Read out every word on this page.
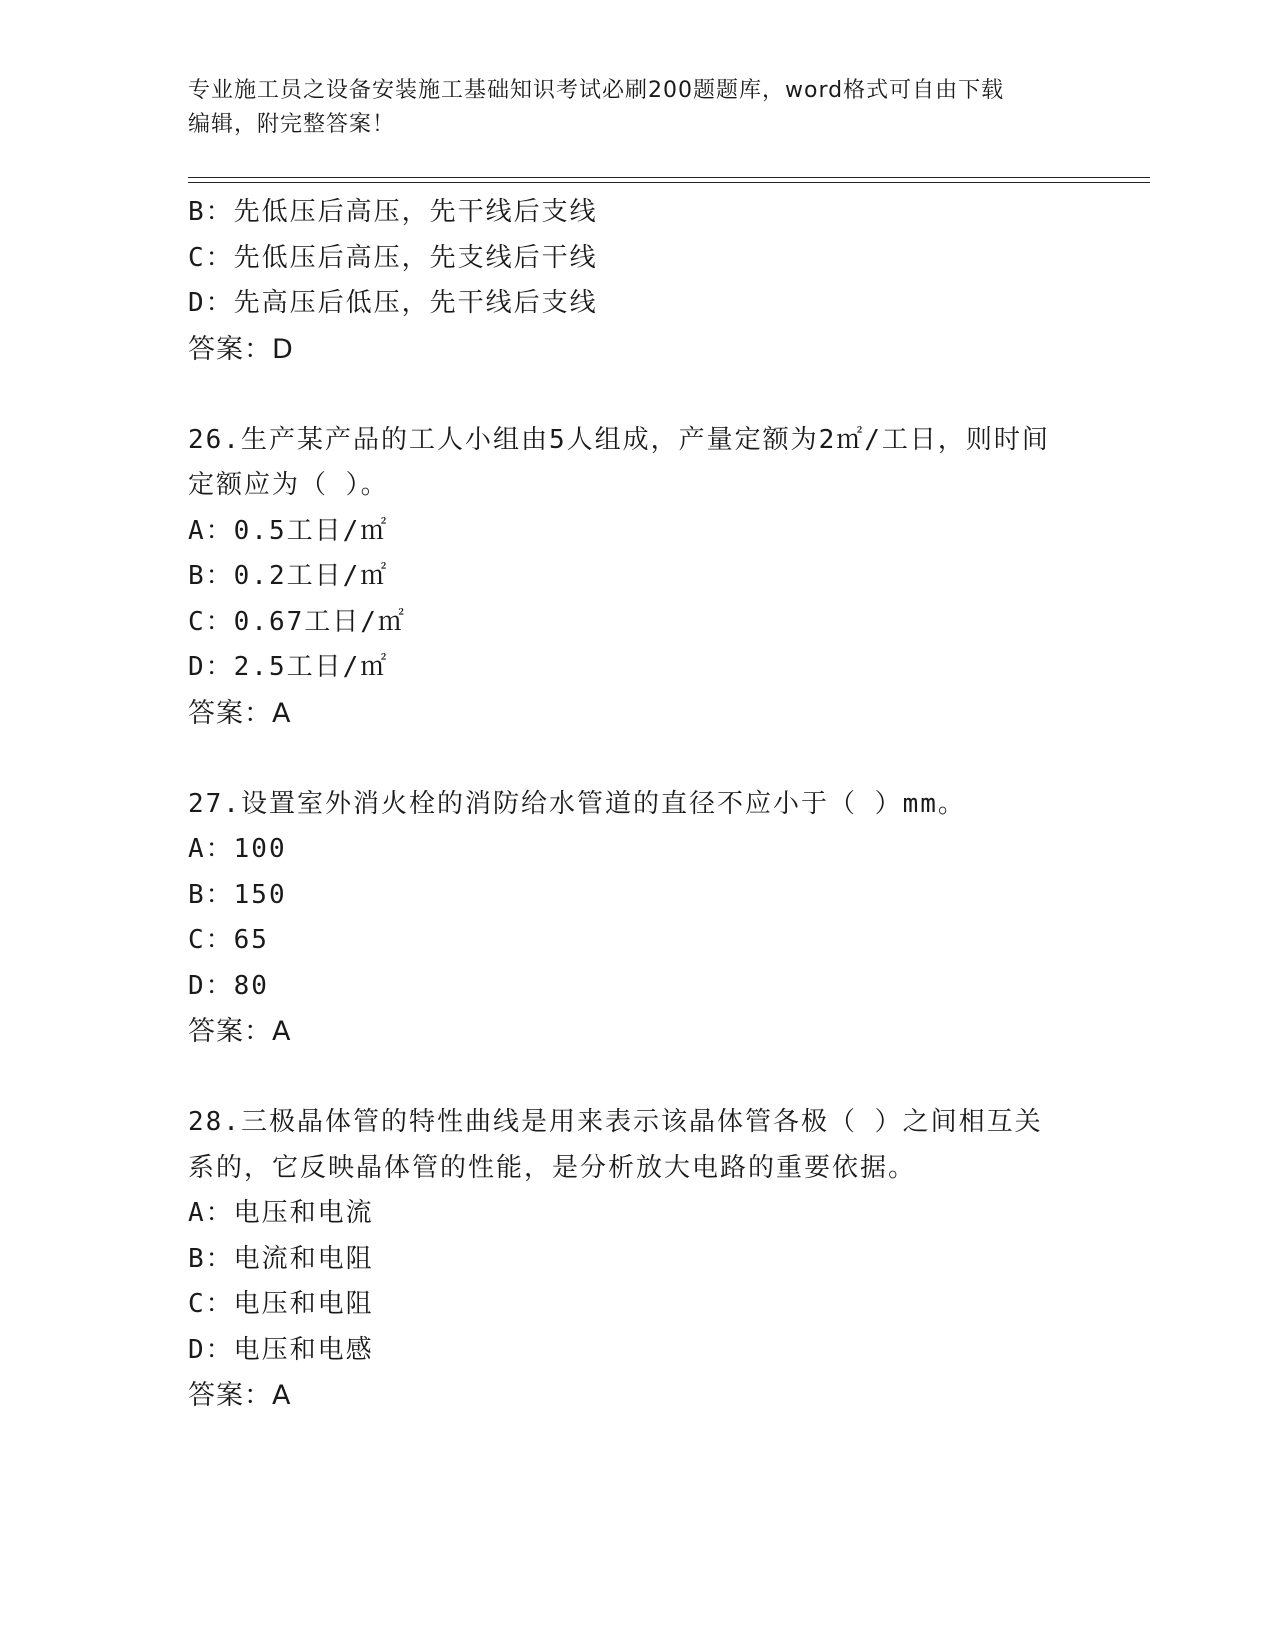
专业施工员之设备安装施工基础知识考试必刷200题题库，word格式可自由下载
编辑，附完整答案！
B：先低压后高压，先干线后支线
C：先低压后高压，先支线后干线
D：先高压后低压，先干线后支线
答案：D
26.生产某产品的工人小组由5人组成，产量定额为2㎡/工日，则时间
定额应为（ ）。
A：0.5工日/㎡
B：0.2工日/㎡
C：0.67工日/㎡
D：2.5工日/㎡
答案：A
27.设置室外消火栓的消防给水管道的直径不应小于（ ）mm。
A：100
B：150
C：65
D：80
答案：A
28.三极晶体管的特性曲线是用来表示该晶体管各极（ ）之间相互关
系的，它反映晶体管的性能，是分析放大电路的重要依据。
A：电压和电流
B：电流和电阻
C：电压和电阻
D：电压和电感
答案：A
